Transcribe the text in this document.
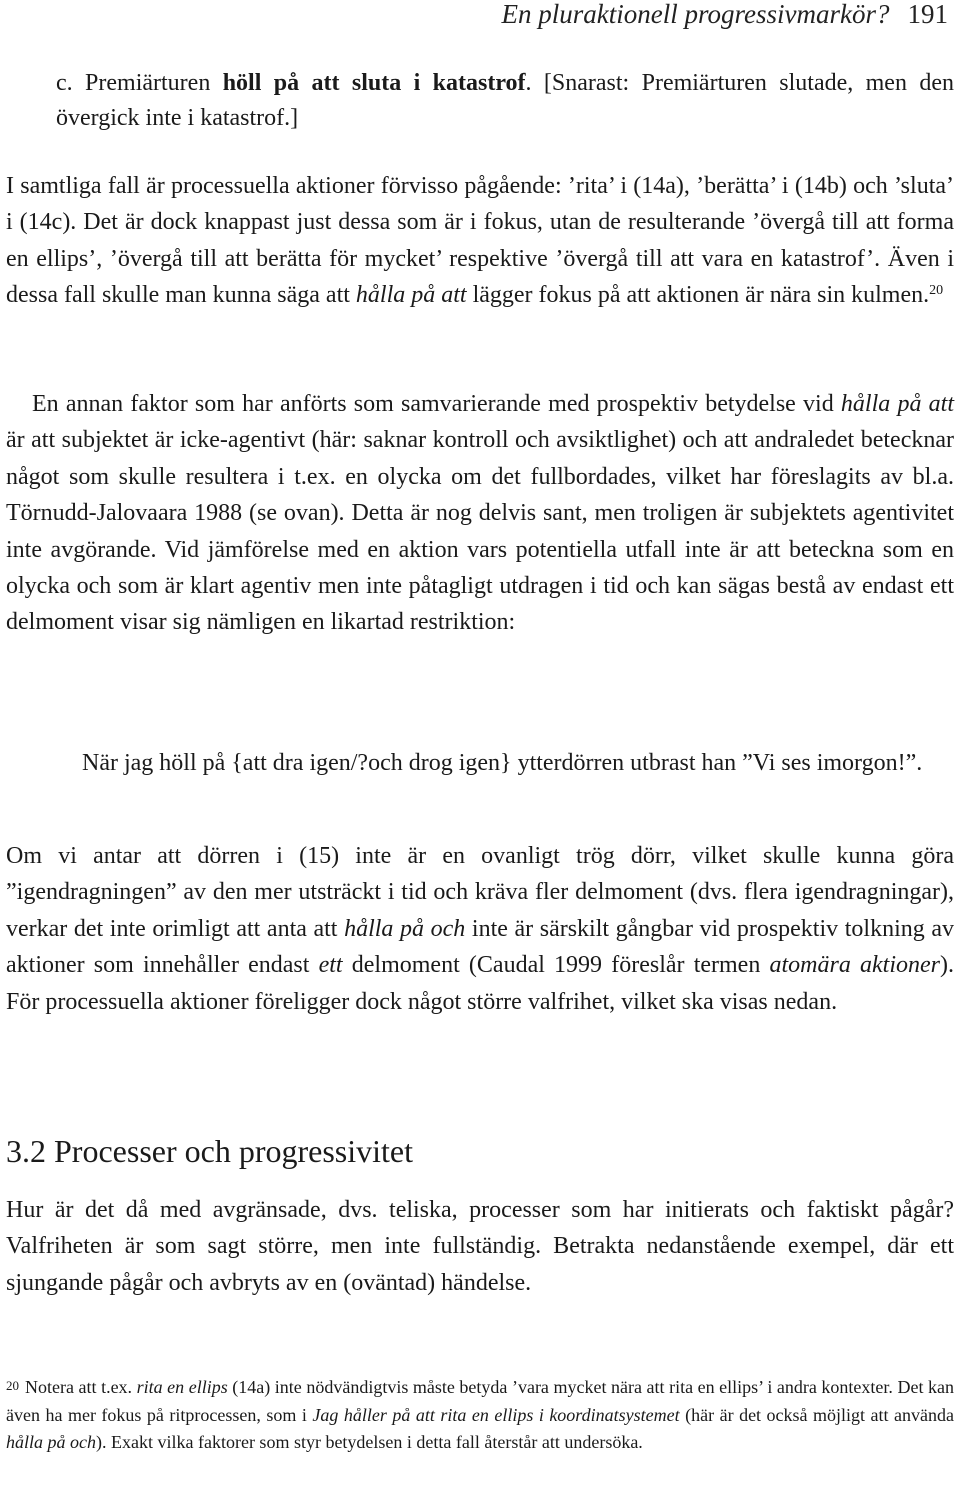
En pluraktionell progressivmarkör? 191

c. Premiärturen höll på att sluta i katastrof. [Snarast: Premiärturen slutade, men den övergick inte i katastrof.]

I samtliga fall är processuella aktioner förvisso pågående: ’rita’ i (14a), ’berätta’ i (14b) och ’sluta’ i (14c). Det är dock knappast just dessa som är i fokus, utan de resulterande ’övergå till att forma en ellips’, ’övergå till att berätta för mycket’ respektive ’övergå till att vara en katastrof’. Även i dessa fall skulle man kunna säga att hålla på att lägger fokus på att aktionen är nära sin kulmen.$^{20}$

En annan faktor som har anförts som samvarierande med prospektiv betydelse vid hålla på att är att subjektet är icke-agentivt (här: saknar kontroll och avsiktlighet) och att andraledet betecknar något som skulle resultera i t.ex. en olycka om det fullbordades, vilket har föreslagits av bl.a. Törnudd-Jalovaara 1988 (se ovan). Detta är nog delvis sant, men troligen är subjektets agentivitet inte avgörande. Vid jämförelse med en aktion vars potentiella utfall inte är att beteckna som en olycka och som är klart agentiv men inte påtagligt utdragen i tid och kan sägas bestå av endast ett delmoment visar sig nämligen en likartad restriktion:

När jag höll på {att dra igen/?och drog igen} ytterdörren utbrast han ”Vi ses imorgon!”.

Om vi antar att dörren i (15) inte är en ovanligt trög dörr, vilket skulle kunna göra ”igendragningen” av den mer utsträckt i tid och kräva fler delmoment (dvs. flera igendragningar), verkar det inte orimligt att anta att hålla på och inte är särskilt gångbar vid prospektiv tolkning av aktioner som innehåller endast ett delmoment (Caudal 1999 föreslår termen atomära aktioner). För processuella aktioner föreligger dock något större valfrihet, vilket ska visas nedan.

3.2 Processer och progressivitet

Hur är det då med avgränsade, dvs. teliska, processer som har initierats och faktiskt pågår? Valfriheten är som sagt större, men inte fullständig. Betrakta nedanstående exempel, där ett sjungande pågår och avbryts av en (oväntad) händelse.

$^{20}$ Notera att t.ex. rita en ellips (14a) inte nödvändigtvis måste betyda ’vara mycket nära att rita en ellips’ i andra kontexter. Det kan även ha mer fokus på ritprocessen, som i Jag håller på att rita en ellips i koordinatsystemet (här är det också möjligt att använda hålla på och). Exakt vilka faktorer som styr betydelsen i detta fall återstår att undersöka.
